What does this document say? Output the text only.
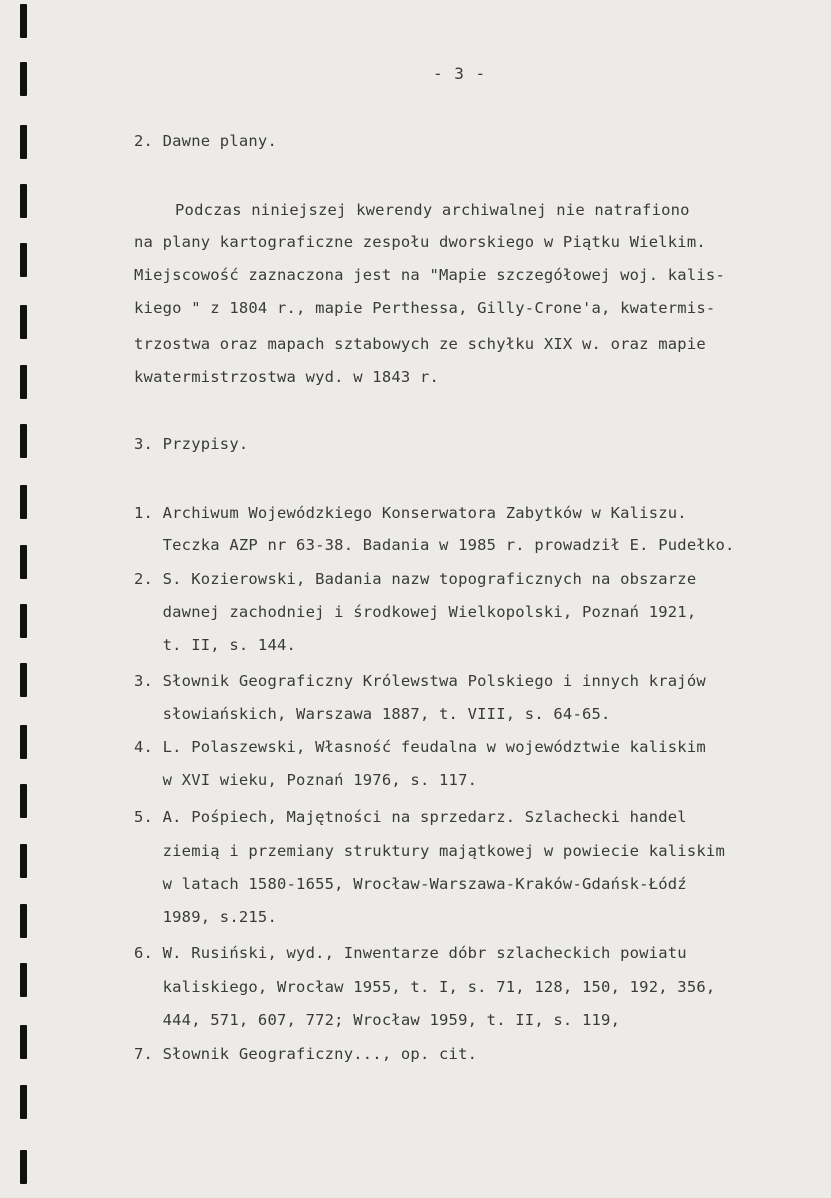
- 3 -
2. Dawne plany.
Podczas niniejszej kwerendy archiwalnej nie natrafiono
na plany kartograficzne zespołu dworskiego w Piątku Wielkim.
Miejscowość zaznaczona jest na "Mapie szczegółowej woj. kalis-
kiego " z 1804 r., mapie Perthessa, Gilly-Crone'a, kwatermis-
trzostwa oraz mapach sztabowych ze schyłku XIX w. oraz mapie
kwatermistrzostwa wyd. w 1843 r.
3. Przypisy.
1. Archiwum Wojewódzkiego Konserwatora Zabytków w Kaliszu.
Teczka AZP nr 63-38. Badania w 1985 r. prowadził E. Pudełko.
2. S. Kozierowski, Badania nazw topograficznych na obszarze
dawnej zachodniej i środkowej Wielkopolski, Poznań 1921,
t. II, s. 144.
3. Słownik Geograficzny Królewstwa Polskiego i innych krajów
słowiańskich, Warszawa 1887, t. VIII, s. 64-65.
4. L. Polaszewski, Własność feudalna w województwie kaliskim
w XVI wieku, Poznań 1976, s. 117.
5. A. Pośpiech, Majętności na sprzedarz. Szlachecki handel
ziemią i przemiany struktury majątkowej w powiecie kaliskim
w latach 1580-1655, Wrocław-Warszawa-Kraków-Gdańsk-Łódź
1989, s.215.
6. W. Rusiński, wyd., Inwentarze dóbr szlacheckich powiatu
kaliskiego, Wrocław 1955, t. I, s. 71, 128, 150, 192, 356,
444, 571, 607, 772; Wrocław 1959, t. II, s. 119,
7. Słownik Geograficzny..., op. cit.
